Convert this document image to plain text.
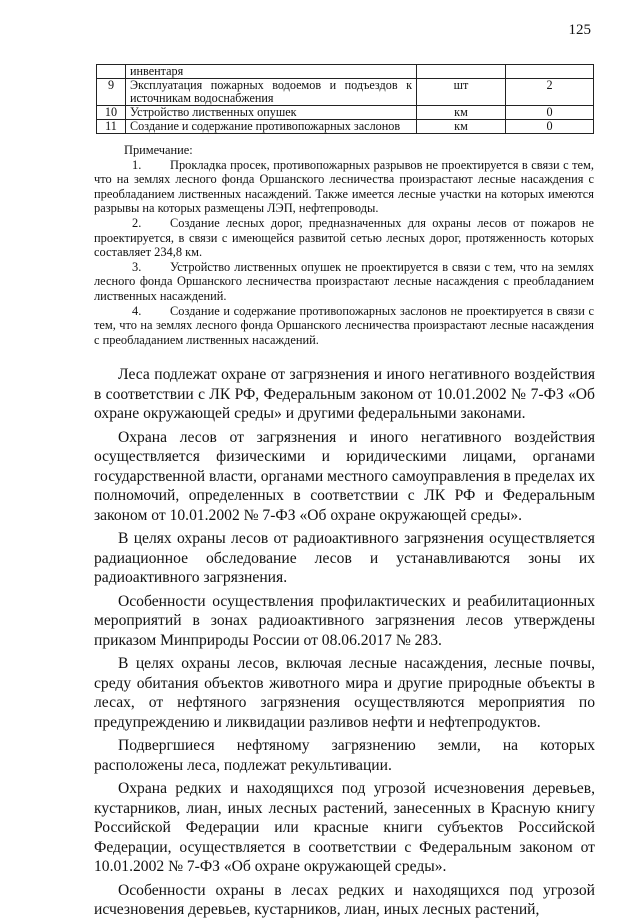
125
	инвентаря		
9	Эксплуатация пожарных водоемов и подъездов к источникам водоснабжения	шт	2
10	Устройство лиственных опушек	км	0
11	Создание и содержание противопожарных заслонов	км	0
Примечание:

1. Прокладка просек, противопожарных разрывов не проектируется в связи с тем, что на землях лесного фонда Оршанского лесничества произрастают лесные насаждения с преобладанием лиственных насаждений. Также имеется лесные участки на которых имеются разрывы на которых размещены ЛЭП, нефтепроводы.

2. Создание лесных дорог, предназначенных для охраны лесов от пожаров не проектируется, в связи с имеющейся развитой сетью лесных дорог, протяженность которых составляет 234,8 км.

3. Устройство лиственных опушек не проектируется в связи с тем, что на землях лесного фонда Оршанского лесничества произрастают лесные насаждения с преобладанием лиственных насаждений.

4. Создание и содержание противопожарных заслонов не проектируется в связи с тем, что на землях лесного фонда Оршанского лесничества произрастают лесные насаждения с преобладанием лиственных насаждений.

Леса подлежат охране от загрязнения и иного негативного воздействия в соответствии с ЛК РФ, Федеральным законом от 10.01.2002 № 7-ФЗ «Об охране окружающей среды» и другими федеральными законами.

Охрана лесов от загрязнения и иного негативного воздействия осуществляется физическими и юридическими лицами, органами государственной власти, органами местного самоуправления в пределах их полномочий, определенных в соответствии с ЛК РФ и Федеральным законом от 10.01.2002 № 7-ФЗ «Об охране окружающей среды».

В целях охраны лесов от радиоактивного загрязнения осуществляется радиационное обследование лесов и устанавливаются зоны их радиоактивного загрязнения.

Особенности осуществления профилактических и реабилитационных мероприятий в зонах радиоактивного загрязнения лесов утверждены приказом Минприроды России от 08.06.2017 № 283.

В целях охраны лесов, включая лесные насаждения, лесные почвы, среду обитания объектов животного мира и другие природные объекты в лесах, от нефтяного загрязнения осуществляются мероприятия по предупреждению и ликвидации разливов нефти и нефтепродуктов.

Подвергшиеся нефтяному загрязнению земли, на которых расположены леса, подлежат рекультивации.

Охрана редких и находящихся под угрозой исчезновения деревьев, кустарников, лиан, иных лесных растений, занесенных в Красную книгу Российской Федерации или красные книги субъектов Российской Федерации, осуществляется в соответствии с Федеральным законом от 10.01.2002 № 7-ФЗ «Об охране окружающей среды».

Особенности охраны в лесах редких и находящихся под угрозой исчезновения деревьев, кустарников, лиан, иных лесных растений,
